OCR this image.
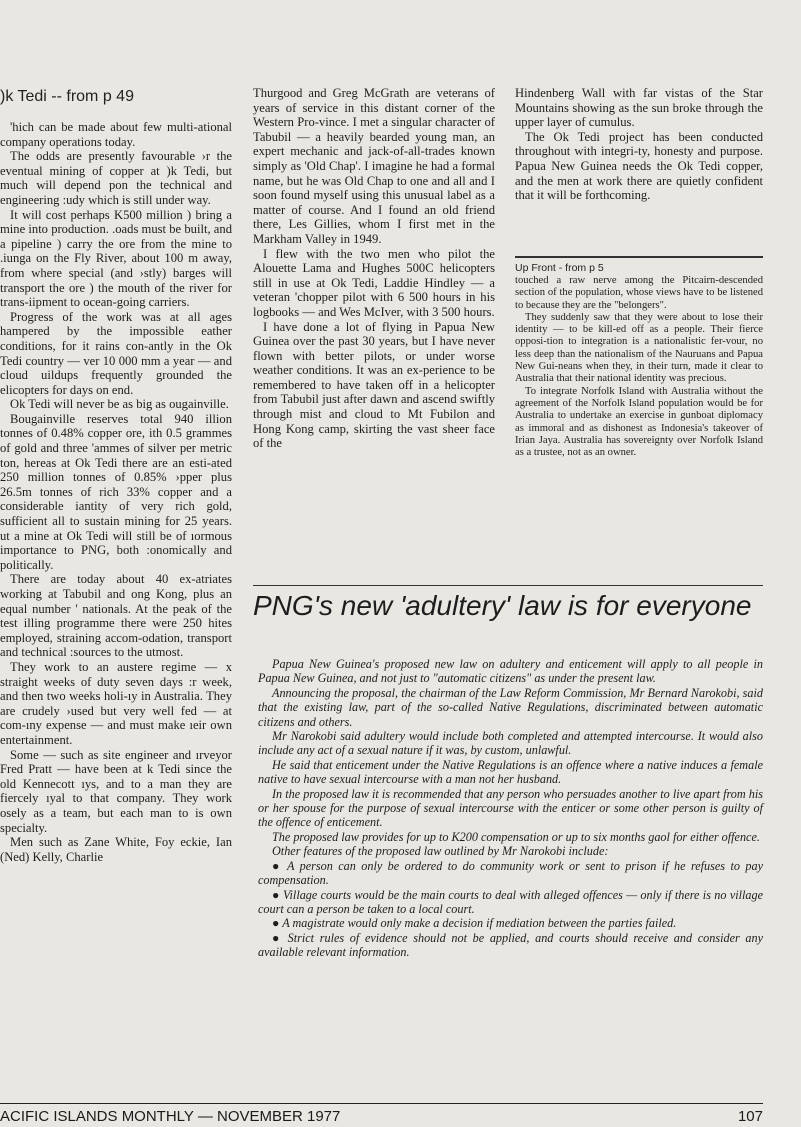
)k Tedi -- from p 49

'hich can be made about few multi-ational company operations today.

The odds are presently favourable ›r the eventual mining of copper at )k Tedi, but much will depend pon the technical and engineering :udy which is still under way.

It will cost perhaps K500 million ) bring a mine into production. .oads must be built, and a pipeline ) carry the ore from the mine to .iunga on the Fly River, about 100 m away, from where special (and ›stly) barges will transport the ore ) the mouth of the river for trans-iipment to ocean-going carriers.

Progress of the work was at all ages hampered by the impossible eather conditions, for it rains con-antly in the Ok Tedi country — ver 10 000 mm a year — and cloud uildups frequently grounded the elicopters for days on end.

Ok Tedi will never be as big as ougainville.

Bougainville reserves total 940 illion tonnes of 0.48% copper ore, ith 0.5 grammes of gold and three 'ammes of silver per metric ton, hereas at Ok Tedi there are an esti-ated 250 million tonnes of 0.85% ›pper plus 26.5m tonnes of rich 33% copper and a considerable iantity of very rich gold, sufficient all to sustain mining for 25 years. ut a mine at Ok Tedi will still be of ıormous importance to PNG, both :onomically and politically.

There are today about 40 ex-atriates working at Tabubil and ong Kong, plus an equal number ' nationals. At the peak of the test illing programme there were 250 hites employed, straining accom-odation, transport and technical :sources to the utmost.

They work to an austere regime — x straight weeks of duty seven days :r week, and then two weeks holi-ıy in Australia. They are crudely ›used but very well fed — at com-ıny expense — and must make ıeir own entertainment.

Some — such as site engineer and ırveyor Fred Pratt — have been at k Tedi since the old Kennecott ıys, and to a man they are fiercely ıyal to that company. They work osely as a team, but each man to is own specialty.

Men such as Zane White, Foy eckie, Ian (Ned) Kelly, Charlie

Thurgood and Greg McGrath are veterans of years of service in this distant corner of the Western Pro-vince. I met a singular character of Tabubil — a heavily bearded young man, an expert mechanic and jack-of-all-trades known simply as 'Old Chap'. I imagine he had a formal name, but he was Old Chap to one and all and I soon found myself using this unusual label as a matter of course. And I found an old friend there, Les Gillies, whom I first met in the Markham Valley in 1949.

I flew with the two men who pilot the Alouette Lama and Hughes 500C helicopters still in use at Ok Tedi, Laddie Hindley — a veteran 'chopper pilot with 6 500 hours in his logbooks — and Wes McIver, with 3 500 hours.

I have done a lot of flying in Papua New Guinea over the past 30 years, but I have never flown with better pilots, or under worse weather conditions. It was an ex-perience to be remembered to have taken off in a helicopter from Tabubil just after dawn and ascend swiftly through mist and cloud to Mt Fubilon and Hong Kong camp, skirting the vast sheer face of the

Hindenberg Wall with far vistas of the Star Mountains showing as the sun broke through the upper layer of cumulus.

The Ok Tedi project has been conducted throughout with integri-ty, honesty and purpose. Papua New Guinea needs the Ok Tedi copper, and the men at work there are quietly confident that it will be forthcoming.

Up Front - from p 5

touched a raw nerve among the Pitcairn-descended section of the population, whose views have to be listened to because they are the "belongers".

They suddenly saw that they were about to lose their identity — to be kill-ed off as a people. Their fierce opposi-tion to integration is a nationalistic fer-vour, no less deep than the nationalism of the Nauruans and Papua New Gui-neans when they, in their turn, made it clear to Australia that their national identity was precious.

To integrate Norfolk Island with Australia without the agreement of the Norfolk Island population would be for Australia to undertake an exercise in gunboat diplomacy as immoral and as dishonest as Indonesia's takeover of Irian Jaya. Australia has sovereignty over Norfolk Island as a trustee, not as an owner.

PNG's new 'adultery' law is for everyone

Papua New Guinea's proposed new law on adultery and enticement will apply to all people in Papua New Guinea, and not just to "automatic citizens" as under the present law.

Announcing the proposal, the chairman of the Law Reform Commission, Mr Bernard Narokobi, said that the existing law, part of the so-called Native Regulations, discriminated between automatic citizens and others.

Mr Narokobi said adultery would include both completed and attempted intercourse. It would also include any act of a sexual nature if it was, by custom, unlawful.

He said that enticement under the Native Regulations is an offence where a native induces a female native to have sexual intercourse with a man not her husband.

In the proposed law it is recommended that any person who persuades another to live apart from his or her spouse for the purpose of sexual intercourse with the enticer or some other person is guilty of the offence of enticement.

The proposed law provides for up to K200 compensation or up to six months gaol for either offence.

Other features of the proposed law outlined by Mr Narokobi include:

● A person can only be ordered to do community work or sent to prison if he refuses to pay compensation.

● Village courts would be the main courts to deal with alleged offences — only if there is no village court can a person be taken to a local court.

● A magistrate would only make a decision if mediation between the parties failed.

● Strict rules of evidence should not be applied, and courts should receive and consider any available relevant information.

ACIFIC ISLANDS MONTHLY — NOVEMBER 1977	107
